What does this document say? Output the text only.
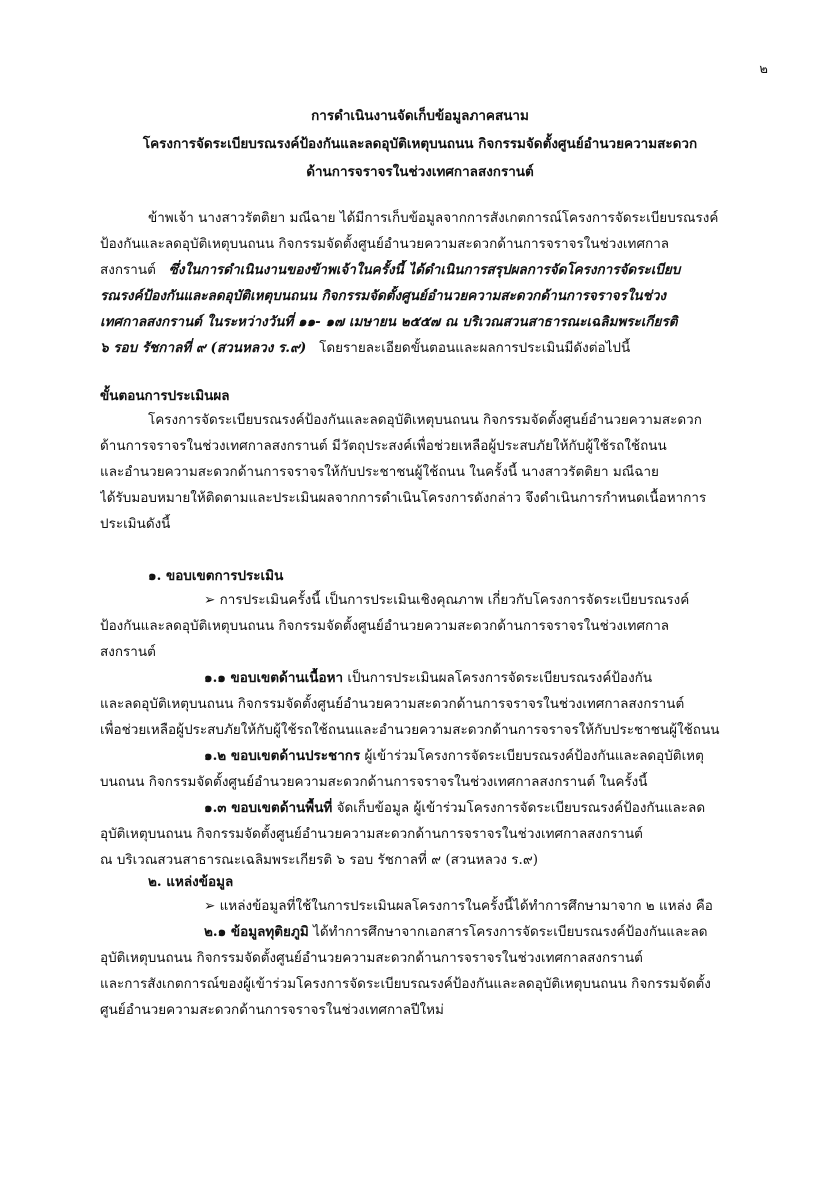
๒
การดำเนินงานจัดเก็บข้อมูลภาคสนาม
โครงการจัดระเบียบรณรงค์ป้องกันและลดอุบัติเหตุบนถนน กิจกรรมจัดตั้งศูนย์อำนวยความสะดวก
ด้านการจราจรในช่วงเทศกาลสงกรานต์
ข้าพเจ้า นางสาวรัตติยา มณีฉาย ได้มีการเก็บข้อมูลจากการสังเกตการณ์โครงการจัดระเบียบรณรงค์
ป้องกันและลดอุบัติเหตุบนถนน กิจกรรมจัดตั้งศูนย์อำนวยความสะดวกด้านการจราจรในช่วงเทศกาล
สงกรานต์ ซึ่งในการดำเนินงานของข้าพเจ้าในครั้งนี้ ได้ดำเนินการสรุปผลการจัดโครงการจัดระเบียบ
รณรงค์ป้องกันและลดอุบัติเหตุบนถนน กิจกรรมจัดตั้งศูนย์อำนวยความสะดวกด้านการจราจรในช่วง
เทศกาลสงกรานต์ ในระหว่างวันที่ ๑๑- ๑๗ เมษายน ๒๕๕๗ ณ บริเวณสวนสาธารณะเฉลิมพระเกียรติ
๖ รอบ รัชกาลที่ ๙ (สวนหลวง ร.๙) โดยรายละเอียดขั้นตอนและผลการประเมินมีดังต่อไปนี้
ขั้นตอนการประเมินผล
โครงการจัดระเบียบรณรงค์ป้องกันและลดอุบัติเหตุบนถนน กิจกรรมจัดตั้งศูนย์อำนวยความสะดวก
ด้านการจราจรในช่วงเทศกาลสงกรานต์ มีวัตถุประสงค์เพื่อช่วยเหลือผู้ประสบภัยให้กับผู้ใช้รถใช้ถนน
และอำนวยความสะดวกด้านการจราจรให้กับประชาชนผู้ใช้ถนน ในครั้งนี้ นางสาวรัตติยา มณีฉาย
ได้รับมอบหมายให้ติดตามและประเมินผลจากการดำเนินโครงการดังกล่าว จึงดำเนินการกำหนดเนื้อหาการ
ประเมินดังนี้
๑. ขอบเขตการประเมิน
➢ การประเมินครั้งนี้ เป็นการประเมินเชิงคุณภาพ เกี่ยวกับโครงการจัดระเบียบรณรงค์
ป้องกันและลดอุบัติเหตุบนถนน กิจกรรมจัดตั้งศูนย์อำนวยความสะดวกด้านการจราจรในช่วงเทศกาล
สงกรานต์
๑.๑ ขอบเขตด้านเนื้อหา เป็นการประเมินผลโครงการจัดระเบียบรณรงค์ป้องกัน
และลดอุบัติเหตุบนถนน กิจกรรมจัดตั้งศูนย์อำนวยความสะดวกด้านการจราจรในช่วงเทศกาลสงกรานต์
เพื่อช่วยเหลือผู้ประสบภัยให้กับผู้ใช้รถใช้ถนนและอำนวยความสะดวกด้านการจราจรให้กับประชาชนผู้ใช้ถนน
๑.๒ ขอบเขตด้านประชากร ผู้เข้าร่วมโครงการจัดระเบียบรณรงค์ป้องกันและลดอุบัติเหตุ
บนถนน กิจกรรมจัดตั้งศูนย์อำนวยความสะดวกด้านการจราจรในช่วงเทศกาลสงกรานต์ ในครั้งนี้
๑.๓ ขอบเขตด้านพื้นที่ จัดเก็บข้อมูล ผู้เข้าร่วมโครงการจัดระเบียบรณรงค์ป้องกันและลด
อุบัติเหตุบนถนน กิจกรรมจัดตั้งศูนย์อำนวยความสะดวกด้านการจราจรในช่วงเทศกาลสงกรานต์
ณ บริเวณสวนสาธารณะเฉลิมพระเกียรติ ๖ รอบ รัชกาลที่ ๙ (สวนหลวง ร.๙)
๒. แหล่งข้อมูล
➢ แหล่งข้อมูลที่ใช้ในการประเมินผลโครงการในครั้งนี้ได้ทำการศึกษามาจาก ๒ แหล่ง คือ
๒.๑ ข้อมูลทุติยภูมิ ได้ทำการศึกษาจากเอกสารโครงการจัดระเบียบรณรงค์ป้องกันและลด
อุบัติเหตุบนถนน กิจกรรมจัดตั้งศูนย์อำนวยความสะดวกด้านการจราจรในช่วงเทศกาลสงกรานต์
และการสังเกตการณ์ของผู้เข้าร่วมโครงการจัดระเบียบรณรงค์ป้องกันและลดอุบัติเหตุบนถนน กิจกรรมจัดตั้ง
ศูนย์อำนวยความสะดวกด้านการจราจรในช่วงเทศกาลปีใหม่
